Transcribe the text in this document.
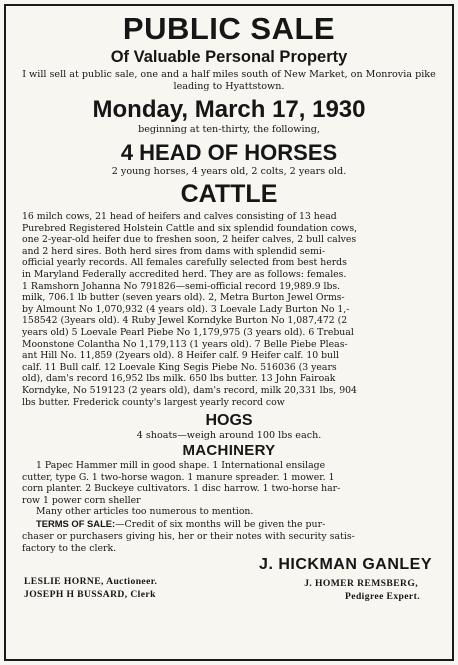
PUBLIC SALE
Of Valuable Personal Property

I will sell at public sale, one and a half miles south of New Market, on Monrovia pike leading to Hyattstown.

Monday, March 17, 1930
beginning at ten-thirty, the following,
4 HEAD OF HORSES
2 young horses, 4 years old, 2 colts, 2 years old.
CATTLE
16 milch cows, 21 head of heifers and calves consisting of 13 head
Purebred Registered Holstein Cattle and six splendid foundation cows,
one 2-year-old heifer due to freshen soon, 2 heifer calves, 2 bull calves
and 2 herd sires. Both herd sires from dams with splendid semi-
official yearly records. All females carefully selected from best herds
in Maryland Federally accredited herd. They are as follows: females.
1 Ramshorn Johanna No 791826—semi-official record 19,989.9 lbs.
milk, 706.1 lb butter (seven years old). 2, Metra Burton Jewel Orms-
by Almount No 1,070,932 (4 years old). 3 Loevale Lady Burton No 1,-
158542 (3years old). 4 Ruby Jewel Korndyke Burton No 1,087,472 (2
years old) 5 Loevale Pearl Piebe No 1,179,975 (3 years old). 6 Trebual
Moonstone Colantha No 1,179,113 (1 years old). 7 Belle Piebe Pleas-
ant Hill No. 11,859 (2years old). 8 Heifer calf. 9 Heifer calf. 10 bull
calf. 11 Bull calf. 12 Loevale King Segis Piebe No. 516036 (3 years
old), dam's record 16,952 lbs milk. 650 lbs butter. 13 John Fairoak
Korndyke, No 519123 (2 years old), dam's record, milk 20,331 lbs, 904
lbs butter. Frederick county's largest yearly record cow
HOGS
4 shoats—weigh around 100 lbs each.
MACHINERY
1 Papec Hammer mill in good shape. 1 International ensilage
cutter, type G. 1 two-horse wagon. 1 manure spreader. 1 mower. 1
corn planter. 2 Buckeye cultivators. 1 disc harrow. 1 two-horse har-
row 1 power corn sheller
Many other articles too numerous to mention.
TERMS OF SALE:—Credit of six months will be given the pur-
chaser or purchasers giving his, her or their notes with security satis-
factory to the clerk.
J. HICKMAN GANLEY
LESLIE HORNE, Auctioneer.
JOSEPH H BUSSARD, Clerk
J. HOMER REMSBERG,
Pedigree Expert.
